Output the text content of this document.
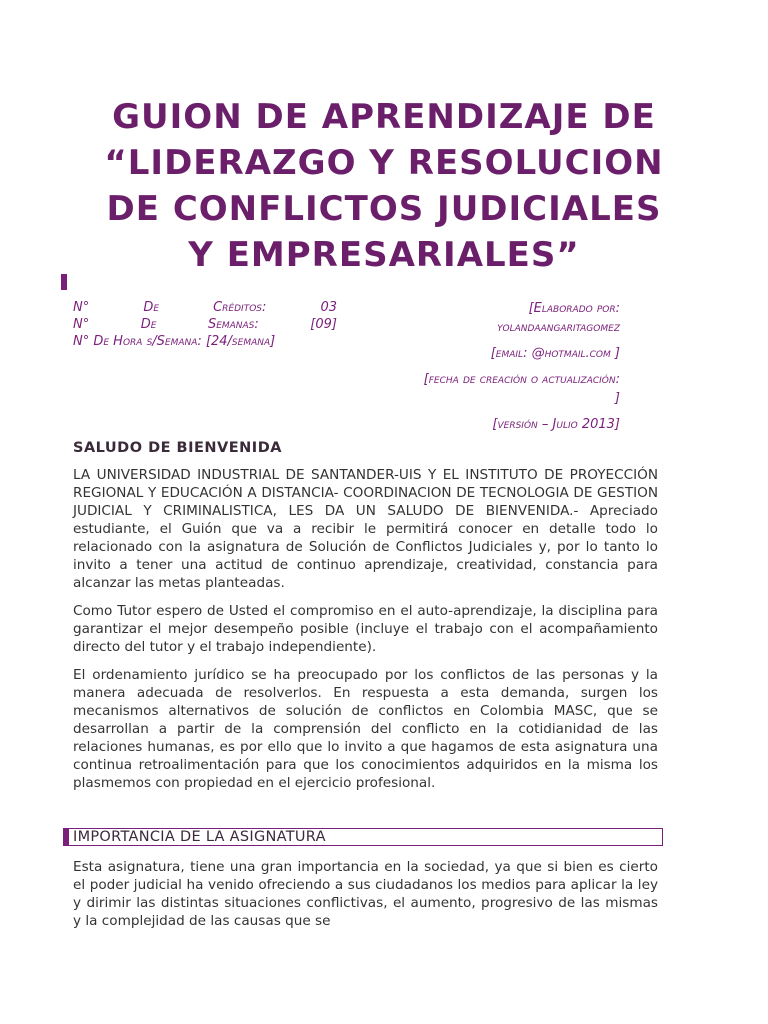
GUION DE APRENDIZAJE DE
“LIDERAZGO Y RESOLUCION
DE CONFLICTOS JUDICIALES
Y EMPRESARIALES”
N°	De	Créditos:	03
N°	De	Semanas:	[09]
N° De Hora s/Semana: [24/semana]

[Elaborado por:
yolandaangaritagomez

[email: @hotmail.com ]

[fecha de creación o actualización:
]

[versión – Julio 2013]

SALUDO DE BIENVENIDA

LA UNIVERSIDAD INDUSTRIAL DE SANTANDER-UIS Y EL INSTITUTO DE PROYECCIÓN REGIONAL Y EDUCACIÓN A DISTANCIA- COORDINACION DE TECNOLOGIA DE GESTION JUDICIAL Y CRIMINALISTICA, LES DA UN SALUDO DE BIENVENIDA.- Apreciado estudiante, el Guión que va a recibir le permitirá conocer en detalle todo lo relacionado con la asignatura de Solución de Conflictos Judiciales y, por lo tanto lo invito a tener una actitud de continuo aprendizaje, creatividad, constancia para alcanzar las metas planteadas.

Como Tutor espero de Usted el compromiso en el auto-aprendizaje, la disciplina para garantizar el mejor desempeño posible (incluye el trabajo con el acompañamiento directo del tutor y el trabajo independiente).

El ordenamiento jurídico se ha preocupado por los conflictos de las personas y la manera adecuada de resolverlos. En respuesta a esta demanda, surgen los mecanismos alternativos de solución de conflictos en Colombia MASC, que se desarrollan a partir de la comprensión del conflicto en la cotidianidad de las relaciones humanas, es por ello que lo invito a que hagamos de esta asignatura una continua retroalimentación para que los conocimientos adquiridos en la misma los plasmemos con propiedad en el ejercicio profesional.

IMPORTANCIA DE LA ASIGNATURA

Esta asignatura, tiene una gran importancia en la sociedad, ya que si bien es cierto el poder judicial ha venido ofreciendo a sus ciudadanos los medios para aplicar la ley y dirimir las distintas situaciones conflictivas, el aumento, progresivo de las mismas y la complejidad de las causas que se
